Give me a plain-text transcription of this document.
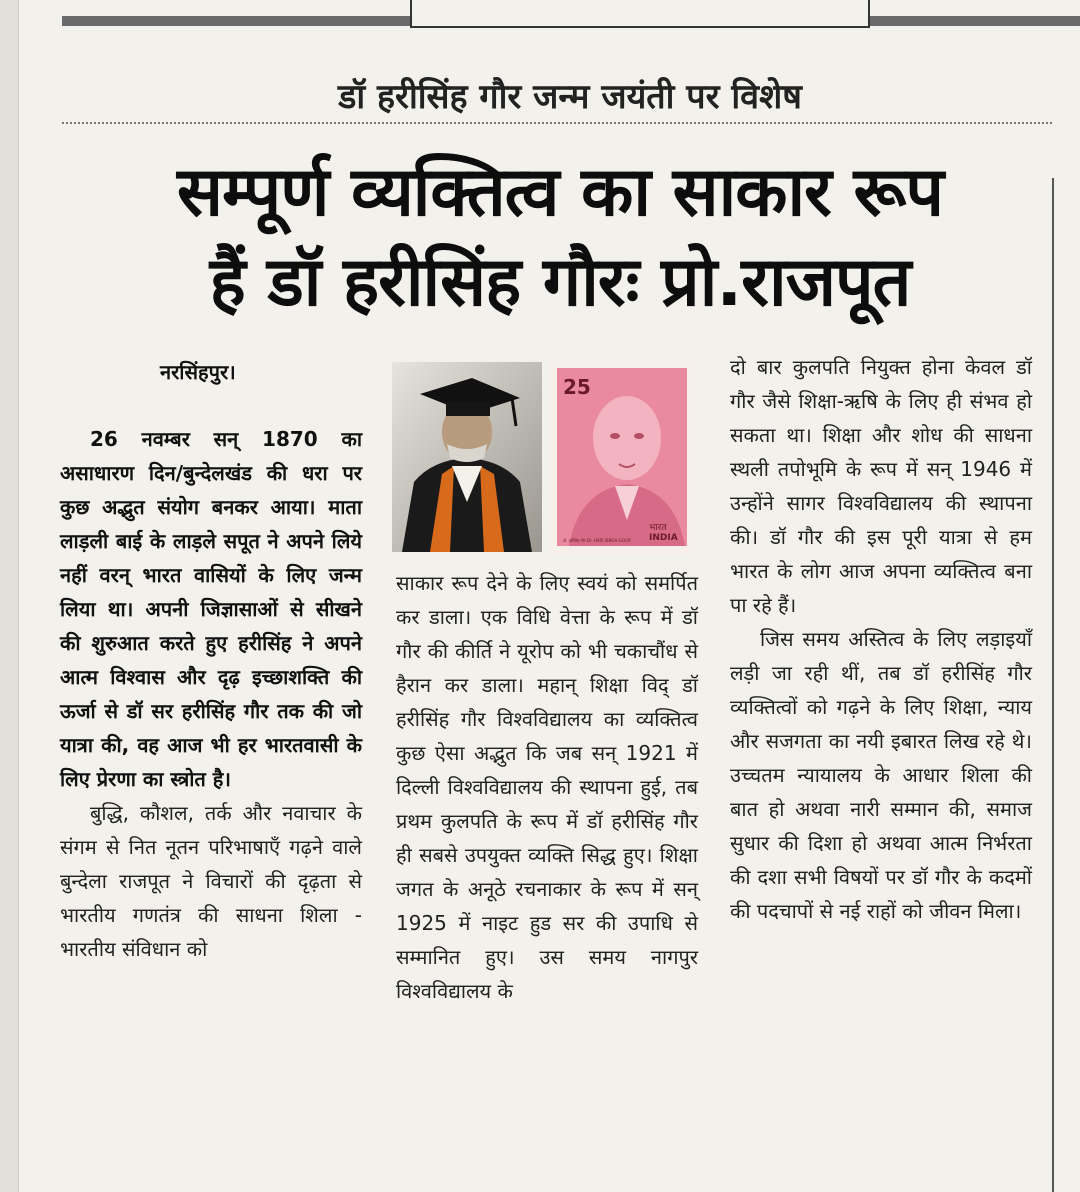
डॉ हरीसिंह गौर जन्म जयंती पर विशेष
सम्पूर्ण व्यक्तित्व का साकार रूप
हैं डॉ हरीसिंह गौरः प्रो.राजपूत
नरसिंहपुर।

26 नवम्बर सन् 1870 का असाधारण दिन/बुन्देलखंड की धरा पर कुछ अद्भुत संयोग बनकर आया। माता लाड़ली बाई के लाड़ले सपूत ने अपने लिये नहीं वरन् भारत वासियों के लिए जन्म लिया था। अपनी जिज्ञासाओं से सीखने की शुरुआत करते हुए हरीसिंह ने अपने आत्म विश्वास और दृढ़ इच्छाशक्ति की ऊर्जा से डॉ सर हरीसिंह गौर तक की जो यात्रा की, वह आज भी हर भारतवासी के लिए प्रेरणा का स्त्रोत है।

बुद्धि, कौशल, तर्क और नवाचार के संगम से नित नूतन परिभाषाएँ गढ़ने वाले बुन्देला राजपूत ने विचारों की दृढ़ता से भारतीय गणतंत्र की साधना शिला - भारतीय संविधान को

25
भारत
INDIA
डॉ. हरीसिंह गौर Dr. HARI SINGH GOUR

साकार रूप देने के लिए स्वयं को समर्पित कर डाला। एक विधि वेत्ता के रूप में डॉ गौर की कीर्ति ने यूरोप को भी चकाचौंध से हैरान कर डाला। महान् शिक्षा विद् डॉ हरीसिंह गौर विश्वविद्यालय का व्यक्तित्व कुछ ऐसा अद्भुत कि जब सन् 1921 में दिल्ली विश्वविद्यालय की स्थापना हुई, तब प्रथम कुलपति के रूप में डॉ हरीसिंह गौर ही सबसे उपयुक्त व्यक्ति सिद्ध हुए। शिक्षा जगत के अनूठे रचनाकार के रूप में सन् 1925 में नाइट हुड सर की उपाधि से सम्मानित हुए। उस समय नागपुर विश्वविद्यालय के

दो बार कुलपति नियुक्त होना केवल डॉ गौर जैसे शिक्षा-ऋषि के लिए ही संभव हो सकता था। शिक्षा और शोध की साधना स्थली तपोभूमि के रूप में सन् 1946 में उन्होंने सागर विश्वविद्यालय की स्थापना की। डॉ गौर की इस पूरी यात्रा से हम भारत के लोग आज अपना व्यक्तित्व बना पा रहे हैं।

जिस समय अस्तित्व के लिए लड़ाइयाँ लड़ी जा रही थीं, तब डॉ हरीसिंह गौर व्यक्तित्वों को गढ़ने के लिए शिक्षा, न्याय और सजगता का नयी इबारत लिख रहे थे। उच्चतम न्यायालय के आधार शिला की बात हो अथवा नारी सम्मान की, समाज सुधार की दिशा हो अथवा आत्म निर्भरता की दशा सभी विषयों पर डॉ गौर के कदमों की पदचापों से नई राहों को जीवन मिला।
